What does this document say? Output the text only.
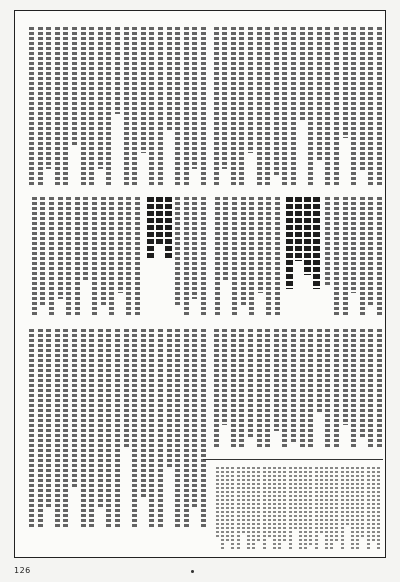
126
